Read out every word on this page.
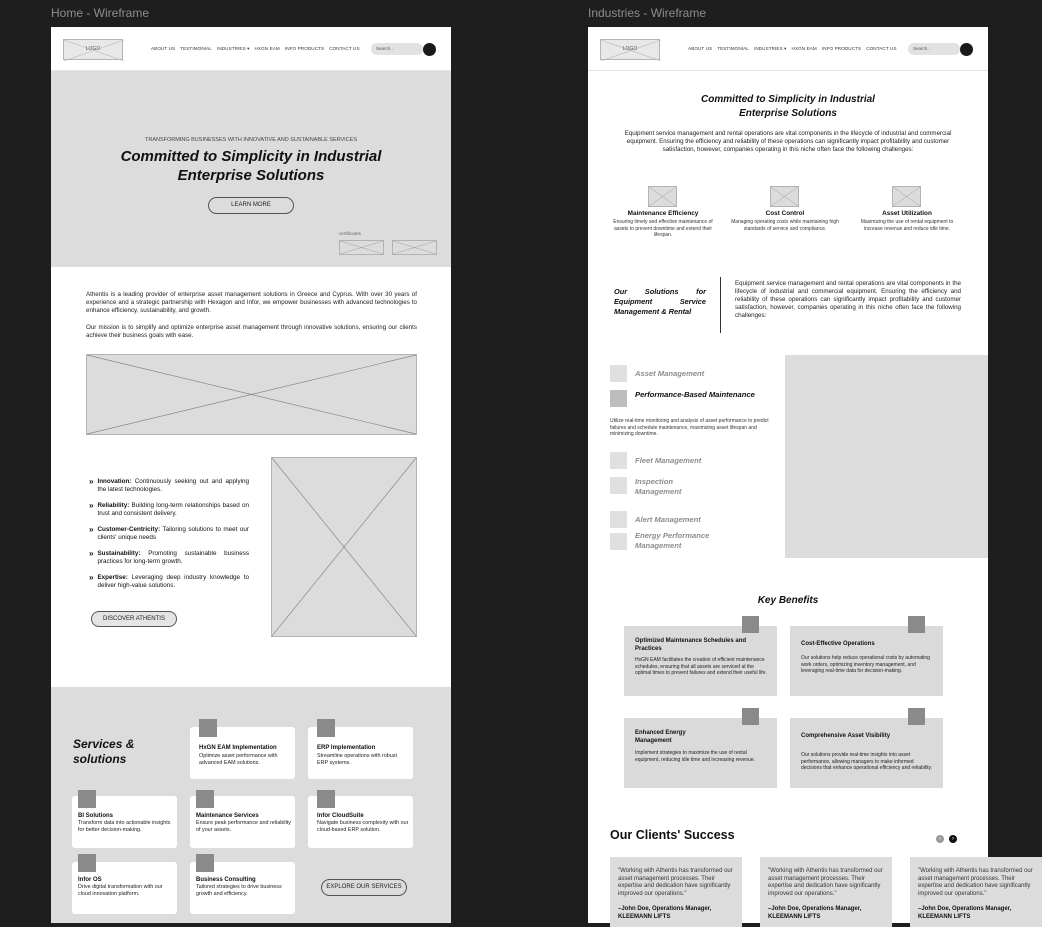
Home - Wireframe	Industries - Wireframe
LOGO	ABOUT US TESTIMONIAL INDUSTRIES ▾ HXGN EAM INFO PRODUCTS CONTACT US	Search...
TRANSFORMING BUSINESSES WITH INNOVATIVE AND SUSTAINABLE SERVICES
Committed to Simplicity in Industrial
Enterprise Solutions
LEARN MORE
certificates
Athentis is a leading provider of enterprise asset management solutions in Greece and Cyprus. With over 30 years of experience and a strategic partnership with Hexagon and Infor, we empower businesses with advanced technologies to enhance efficiency, sustainability, and growth.
Our mission is to simplify and optimize enterprise asset management through innovative solutions, ensuring our clients achieve their business goals with ease.
» Innovation: Continuously seeking out and applying the latest technologies.
» Reliability: Building long-term relationships based on trust and consistent delivery.
» Customer-Centricity: Tailoring solutions to meet our clients' unique needs
» Sustainability: Promoting sustainable business practices for long-term growth.
» Expertise: Leveraging deep industry knowledge to deliver high-value solutions.
DISCOVER ATHENTIS
Services &
solutions
HxGN EAM Implementation
Optimize asset performance with advanced EAM solutions.
ERP Implementation
Streamline operations with robust ERP systems.
BI Solutions
Transform data into actionable insights for better decision-making.
Maintenance Services
Ensure peak performance and reliability of your assets.
Infor CloudSuite
Navigate business complexity with our cloud-based ERP solution.
Infor OS
Drive digital transformation with our cloud innovation platform.
Business Consulting
Tailored strategies to drive business growth and efficiency.
EXPLORE OUR SERVICES
LOGO	ABOUT US TESTIMONIAL INDUSTRIES ▾ HXGN EAM INFO PRODUCTS CONTACT US	Search...
Committed to Simplicity in Industrial
Enterprise Solutions
Equipment service management and rental operations are vital components in the lifecycle of industrial and commercial equipment. Ensuring the efficiency and reliability of these operations can significantly impact profitability and customer satisfaction, however, companies operating in this niche often face the following challenges:
Maintenance Efficiency
Ensuring timely and effective maintenance of assets to prevent downtime and extend their lifespan.
Cost Control
Managing operating costs while maintaining high standards of service and compliance.
Asset Utilization
Maximizing the use of rental equipment to increase revenue and reduce idle time.
Our Solutions for Equipment Service Management & Rental
Equipment service management and rental operations are vital components in the lifecycle of industrial and commercial equipment. Ensuring the efficiency and reliability of these operations can significantly impact profitability and customer satisfaction, however, companies operating in this niche often face the following challenges:
Asset Management
Performance-Based Maintenance
Utilize real-time monitoring and analysis of asset performance to predict failures and schedule maintenance, maximizing asset lifespan and minimizing downtime.
Fleet Management
Inspection Management
Alert Management
Energy Performance Management
Key Benefits
Optimized Maintenance Schedules and Practices
HxGN EAM facilitates the creation of efficient maintenance schedules, ensuring that all assets are serviced at the optimal times to prevent failures and extend their useful life.
Cost-Effective Operations
Our solutions help reduce operational costs by automating work orders, optimizing inventory management, and leveraging real-time data for decision-making.
Enhanced Energy Management
Implement strategies to maximize the use of rental equipment, reducing idle time and increasing revenue.
Comprehensive Asset Visibility
Our solutions provide real-time insights into asset performance, allowing managers to make informed decisions that enhance operational efficiency and reliability.
Our Clients' Success	‹	›
"Working with Athentis has transformed our asset management processes. Their expertise and dedication have significantly improved our operations."
–John Doe, Operations Manager, KLEEMANN LIFTS
"Working with Athentis has transformed our asset management processes. Their expertise and dedication have significantly improved our operations."
–John Doe, Operations Manager, KLEEMANN LIFTS
"Working with Athentis has transformed our asset management processes. Their expertise and dedication have significantly improved our operations."
–John Doe, Operations Manager, KLEEMANN LIFTS
